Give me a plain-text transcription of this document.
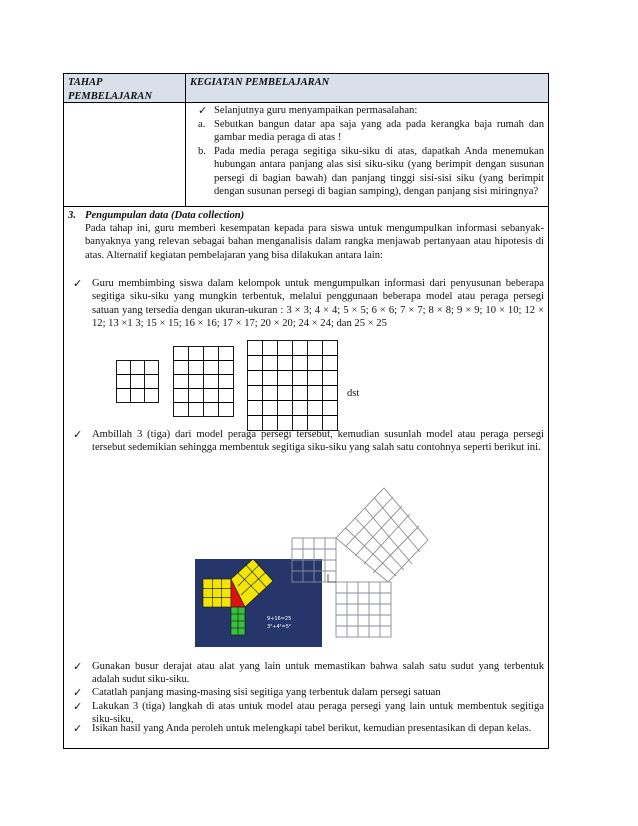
TAHAP PEMBELAJARAN
KEGIATAN PEMBELAJARAN
✓ Selanjutnya guru menyampaikan permasalahan:
a. Sebutkan bangun datar apa saja yang ada pada kerangka baja rumah dan gambar media peraga di atas !
b. Pada media peraga segitiga siku-siku di atas, dapatkah Anda menemukan hubungan antara panjang alas sisi siku-siku (yang berimpit dengan susunan persegi di bagian bawah) dan panjang tinggi sisi-sisi siku (yang berimpit dengan susunan persegi di bagian samping), dengan panjang sisi miringnya?
3. Pengumpulan data (Data collection)
Pada tahap ini, guru memberi kesempatan kepada para siswa untuk mengumpulkan informasi sebanyak-banyaknya yang relevan sebagai bahan menganalisis dalam rangka menjawab pertanyaan atau hipotesis di atas. Alternatif kegiatan pembelajaran yang bisa dilakukan antara lain:
✓ Guru membimbing siswa dalam kelompok untuk mengumpulkan informasi dari penyusunan beberapa segitiga siku-siku yang mungkin terbentuk, melalui penggunaan beberapa model atau peraga persegi satuan yang tersedia dengan ukuran-ukuran : 3 × 3; 4 × 4; 5 × 5; 6 × 6; 7 × 7; 8 × 8; 9 × 9; 10 × 10; 12 × 12; 13 ×1 3; 15 × 15; 16 × 16; 17 × 17; 20 × 20; 24 × 24; dan 25 × 25
dst
✓ Ambillah 3 (tiga) dari model peraga persegi tersebut, kemudian susunlah model atau peraga persegi tersebut sedemikian sehingga membentuk segitiga siku-siku yang salah satu contohnya seperti berikut ini.
9+16=25
3²+4²=5²
✓ Gunakan busur derajat atau alat yang lain untuk memastikan bahwa salah satu sudut yang terbentuk adalah sudut siku-siku.
✓ Catatlah panjang masing-masing sisi segitiga yang terbentuk dalam persegi satuan
✓ Lakukan 3 (tiga) langkah di atas untuk model atau peraga persegi yang lain untuk membentuk segitiga siku-siku,
✓ Isikan hasil yang Anda peroleh untuk melengkapi tabel berikut, kemudian presentasikan di depan kelas.
